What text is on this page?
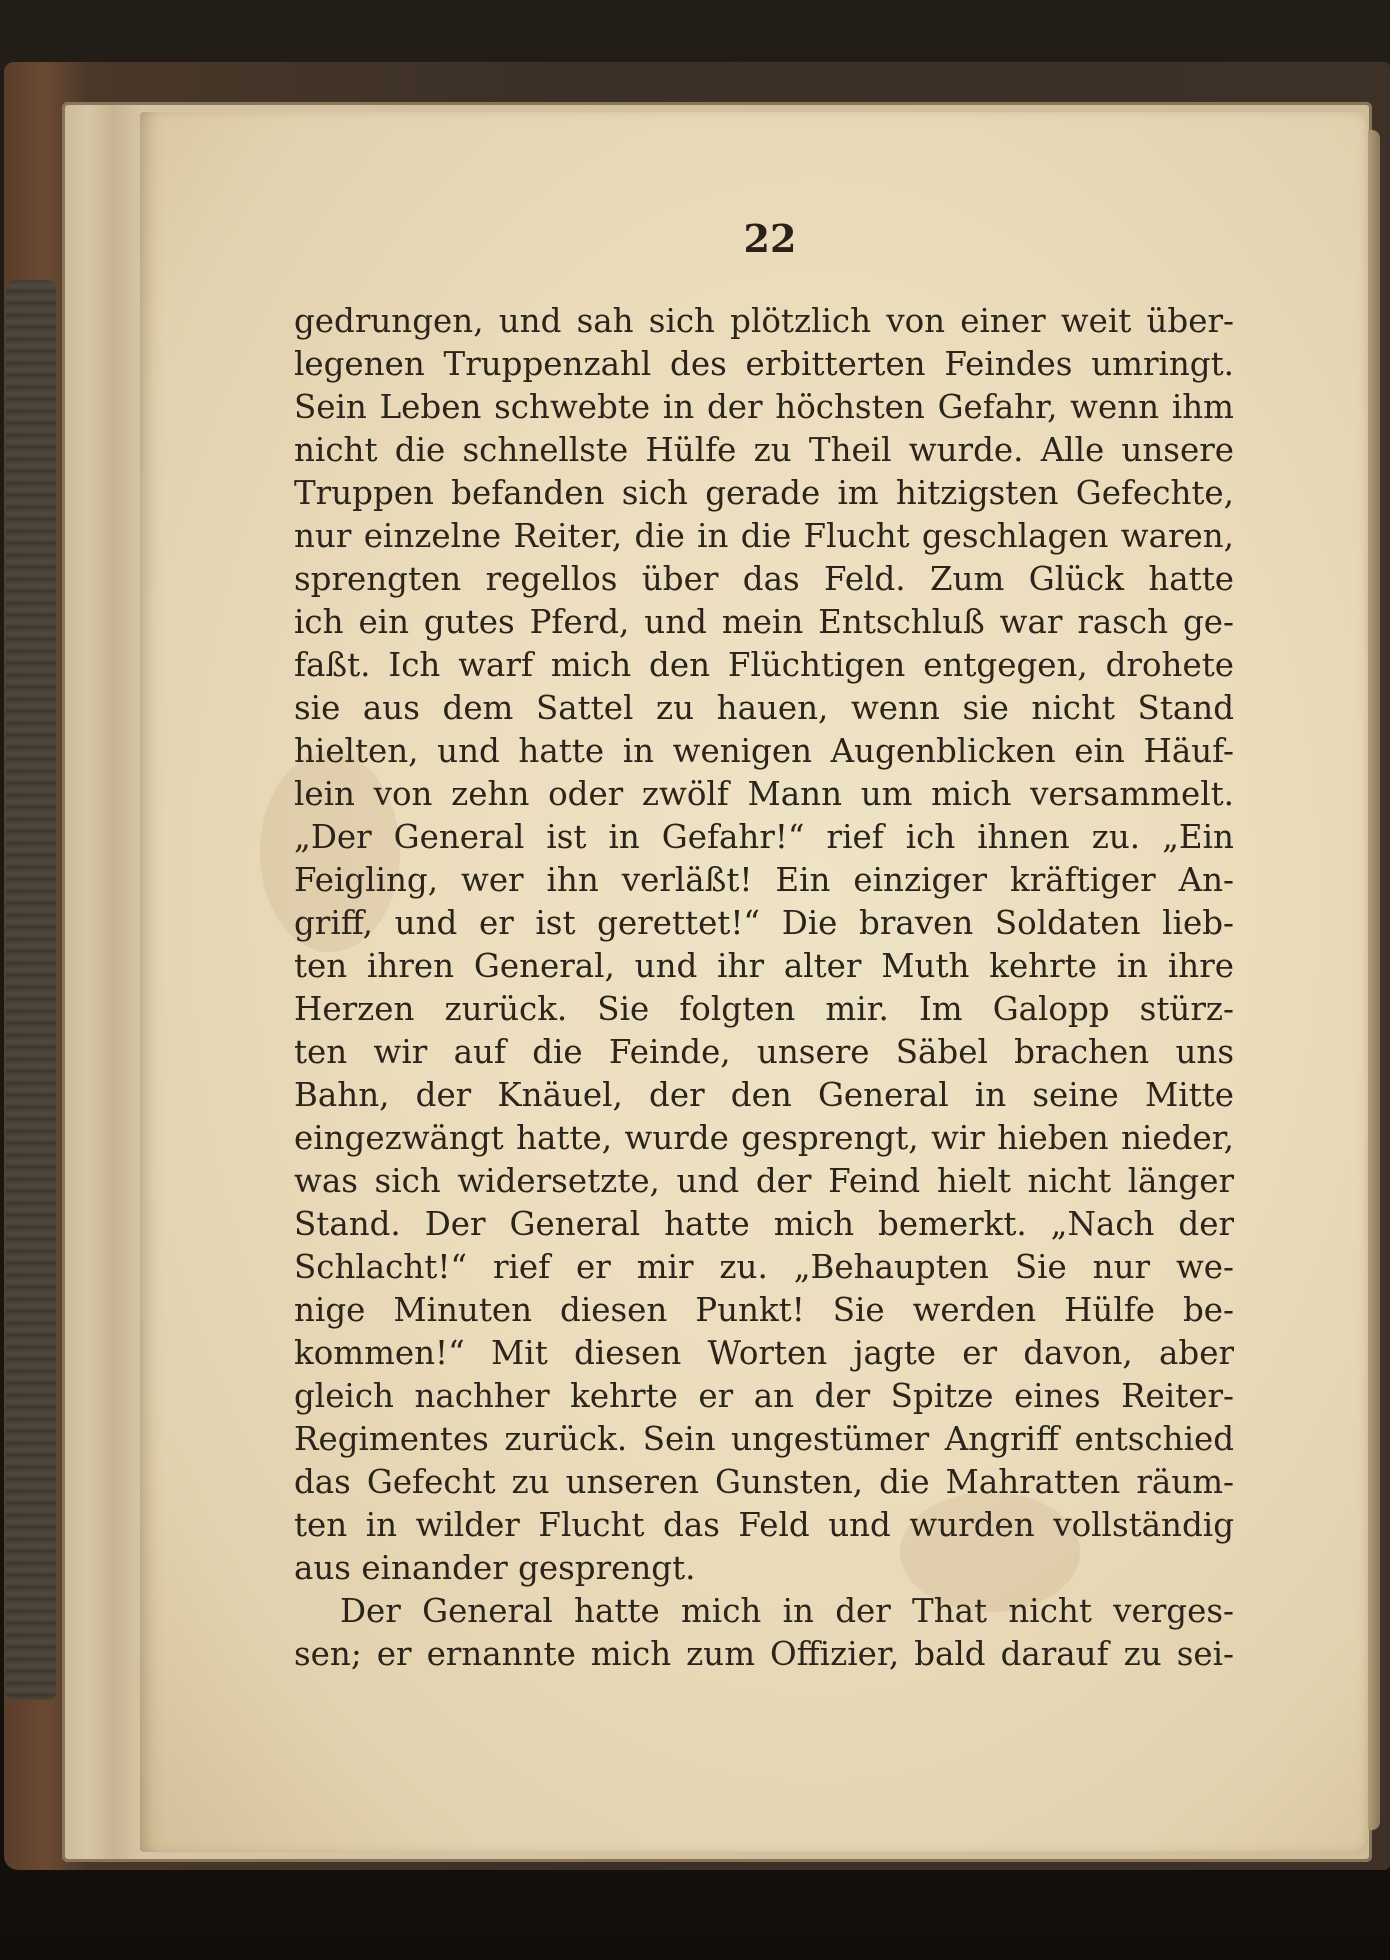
22
gedrungen, und sah sich plötzlich von einer weit über-
legenen Truppenzahl des erbitterten Feindes umringt.
Sein Leben schwebte in der höchsten Gefahr, wenn ihm
nicht die schnellste Hülfe zu Theil wurde. Alle unsere
Truppen befanden sich gerade im hitzigsten Gefechte,
nur einzelne Reiter, die in die Flucht geschlagen waren,
sprengten regellos über das Feld. Zum Glück hatte
ich ein gutes Pferd, und mein Entschluß war rasch ge-
faßt. Ich warf mich den Flüchtigen entgegen, drohete
sie aus dem Sattel zu hauen, wenn sie nicht Stand
hielten, und hatte in wenigen Augenblicken ein Häuf-
lein von zehn oder zwölf Mann um mich versammelt.
„Der General ist in Gefahr!“ rief ich ihnen zu. „Ein
Feigling, wer ihn verläßt! Ein einziger kräftiger An-
griff, und er ist gerettet!“ Die braven Soldaten lieb-
ten ihren General, und ihr alter Muth kehrte in ihre
Herzen zurück. Sie folgten mir. Im Galopp stürz-
ten wir auf die Feinde, unsere Säbel brachen uns
Bahn, der Knäuel, der den General in seine Mitte
eingezwängt hatte, wurde gesprengt, wir hieben nieder,
was sich widersetzte, und der Feind hielt nicht länger
Stand. Der General hatte mich bemerkt. „Nach der
Schlacht!“ rief er mir zu. „Behaupten Sie nur we-
nige Minuten diesen Punkt! Sie werden Hülfe be-
kommen!“ Mit diesen Worten jagte er davon, aber
gleich nachher kehrte er an der Spitze eines Reiter-
Regimentes zurück. Sein ungestümer Angriff entschied
das Gefecht zu unseren Gunsten, die Mahratten räum-
ten in wilder Flucht das Feld und wurden vollständig
aus einander gesprengt.
Der General hatte mich in der That nicht verges-
sen; er ernannte mich zum Offizier, bald darauf zu sei-
